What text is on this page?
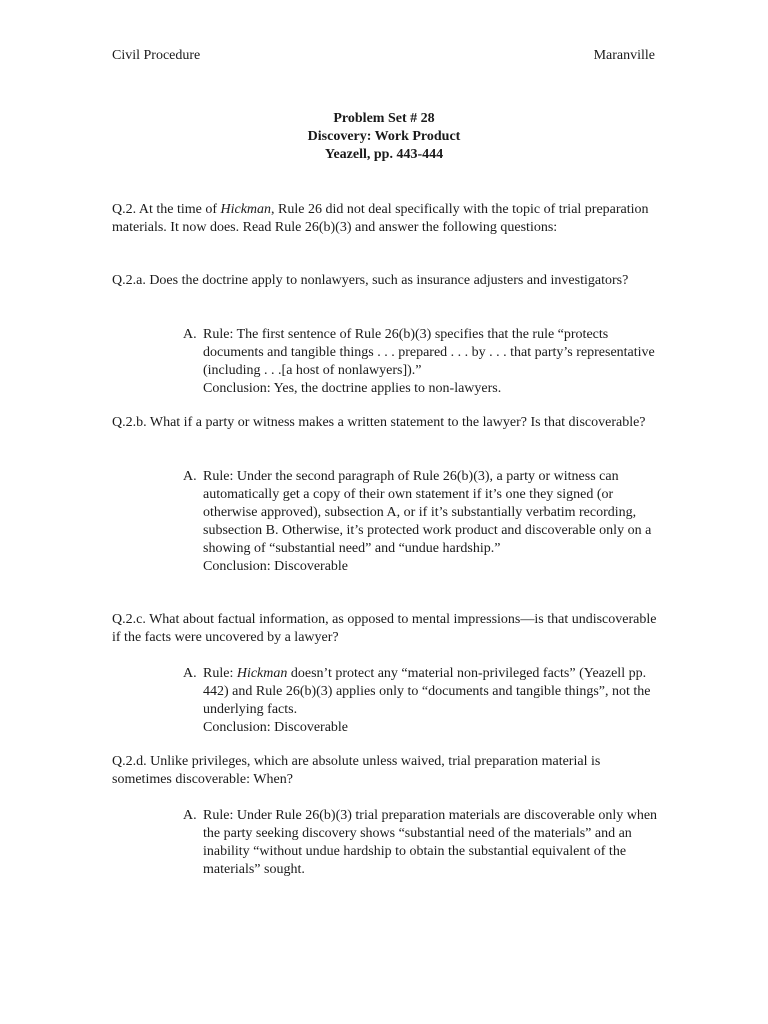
Civil Procedure	Maranville
Problem Set # 28
Discovery: Work Product
Yeazell, pp. 443-444
Q.2. At the time of Hickman, Rule 26 did not deal specifically with the topic of trial preparation materials. It now does. Read Rule 26(b)(3) and answer the following questions:
Q.2.a. Does the doctrine apply to nonlawyers, such as insurance adjusters and investigators?
A. Rule: The first sentence of Rule 26(b)(3) specifies that the rule “protects documents and tangible things . . . prepared . . . by . . . that party’s representative (including . . .[a host of nonlawyers]).”
Conclusion: Yes, the doctrine applies to non-lawyers.
Q.2.b. What if a party or witness makes a written statement to the lawyer? Is that discoverable?
A. Rule: Under the second paragraph of Rule 26(b)(3), a party or witness can automatically get a copy of their own statement if it’s one they signed (or otherwise approved), subsection A, or if it’s substantially verbatim recording, subsection B. Otherwise, it’s protected work product and discoverable only on a showing of “substantial need” and “undue hardship.”
Conclusion: Discoverable
Q.2.c. What about factual information, as opposed to mental impressions—is that undiscoverable if the facts were uncovered by a lawyer?
A. Rule: Hickman doesn’t protect any “material non-privileged facts” (Yeazell pp. 442) and Rule 26(b)(3) applies only to “documents and tangible things”, not the underlying facts.
Conclusion: Discoverable
Q.2.d. Unlike privileges, which are absolute unless waived, trial preparation material is sometimes discoverable: When?
A. Rule: Under Rule 26(b)(3) trial preparation materials are discoverable only when the party seeking discovery shows “substantial need of the materials” and an inability “without undue hardship to obtain the substantial equivalent of the materials” sought.
